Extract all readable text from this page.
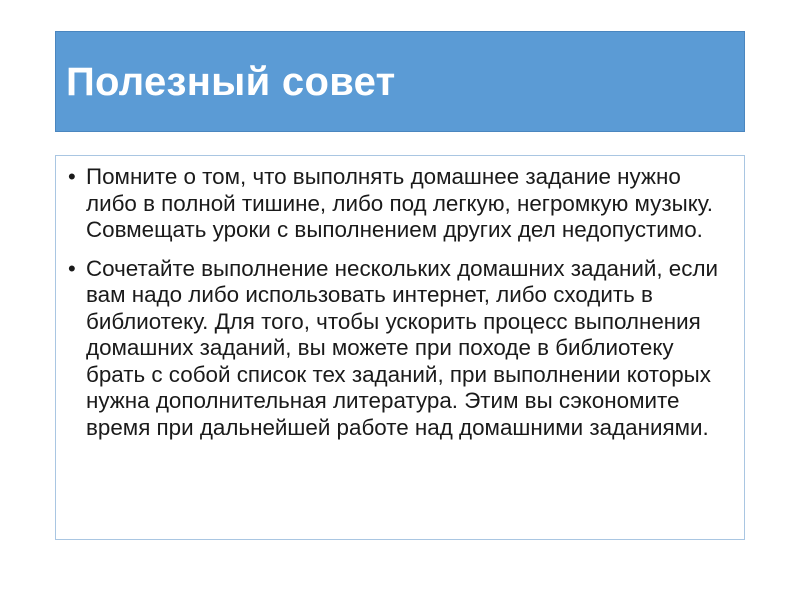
Полезный совет
• Помните о том, что выполнять домашнее задание нужно либо в полной тишине, либо под легкую, негромкую музыку. Совмещать уроки с выполнением других дел недопустимо.
• Сочетайте выполнение нескольких домашних заданий, если вам надо либо использовать интернет, либо сходить в библиотеку. Для того, чтобы ускорить процесс выполнения домашних заданий, вы можете при походе в библиотеку брать с собой список тех заданий, при выполнении которых нужна дополнительная литература. Этим вы сэкономите время при дальнейшей работе над домашними заданиями.
